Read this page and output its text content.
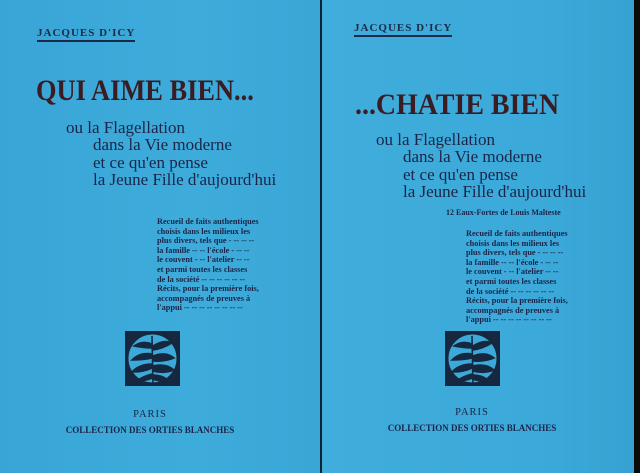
JACQUES D'ICY
QUI AIME BIEN...
ou la Flagellation
dans la Vie moderne
et ce qu'en pense
la Jeune Fille d'aujourd'hui
Recueil de faits authentiques
choisis dans les milieux les
plus divers, tels que - -- -- --
la famille -- -- l'école - -- --
le couvent - -- l'atelier -- --
et parmi toutes les classes
de la société -- -- -- -- -- --
Récits, pour la première fois,
accompagnés de preuves à
l'appui -- -- -- -- -- -- -- --
PARIS
COLLECTION DES ORTIES BLANCHES
JACQUES D'ICY
...CHATIE BIEN
ou la Flagellation
dans la Vie moderne
et ce qu'en pense
la Jeune Fille d'aujourd'hui
12 Eaux-Fortes de Louis Malteste
Recueil de faits authentiques
choisis dans les milieux les
plus divers, tels que - -- -- --
la famille -- -- l'école - -- --
le couvent - -- l'atelier -- --
et parmi toutes les classes
de la société -- -- -- -- -- --
Récits, pour la première fois,
accompagnés de preuves à
l'appui -- -- -- -- -- -- -- --
PARIS
COLLECTION DES ORTIES BLANCHES
